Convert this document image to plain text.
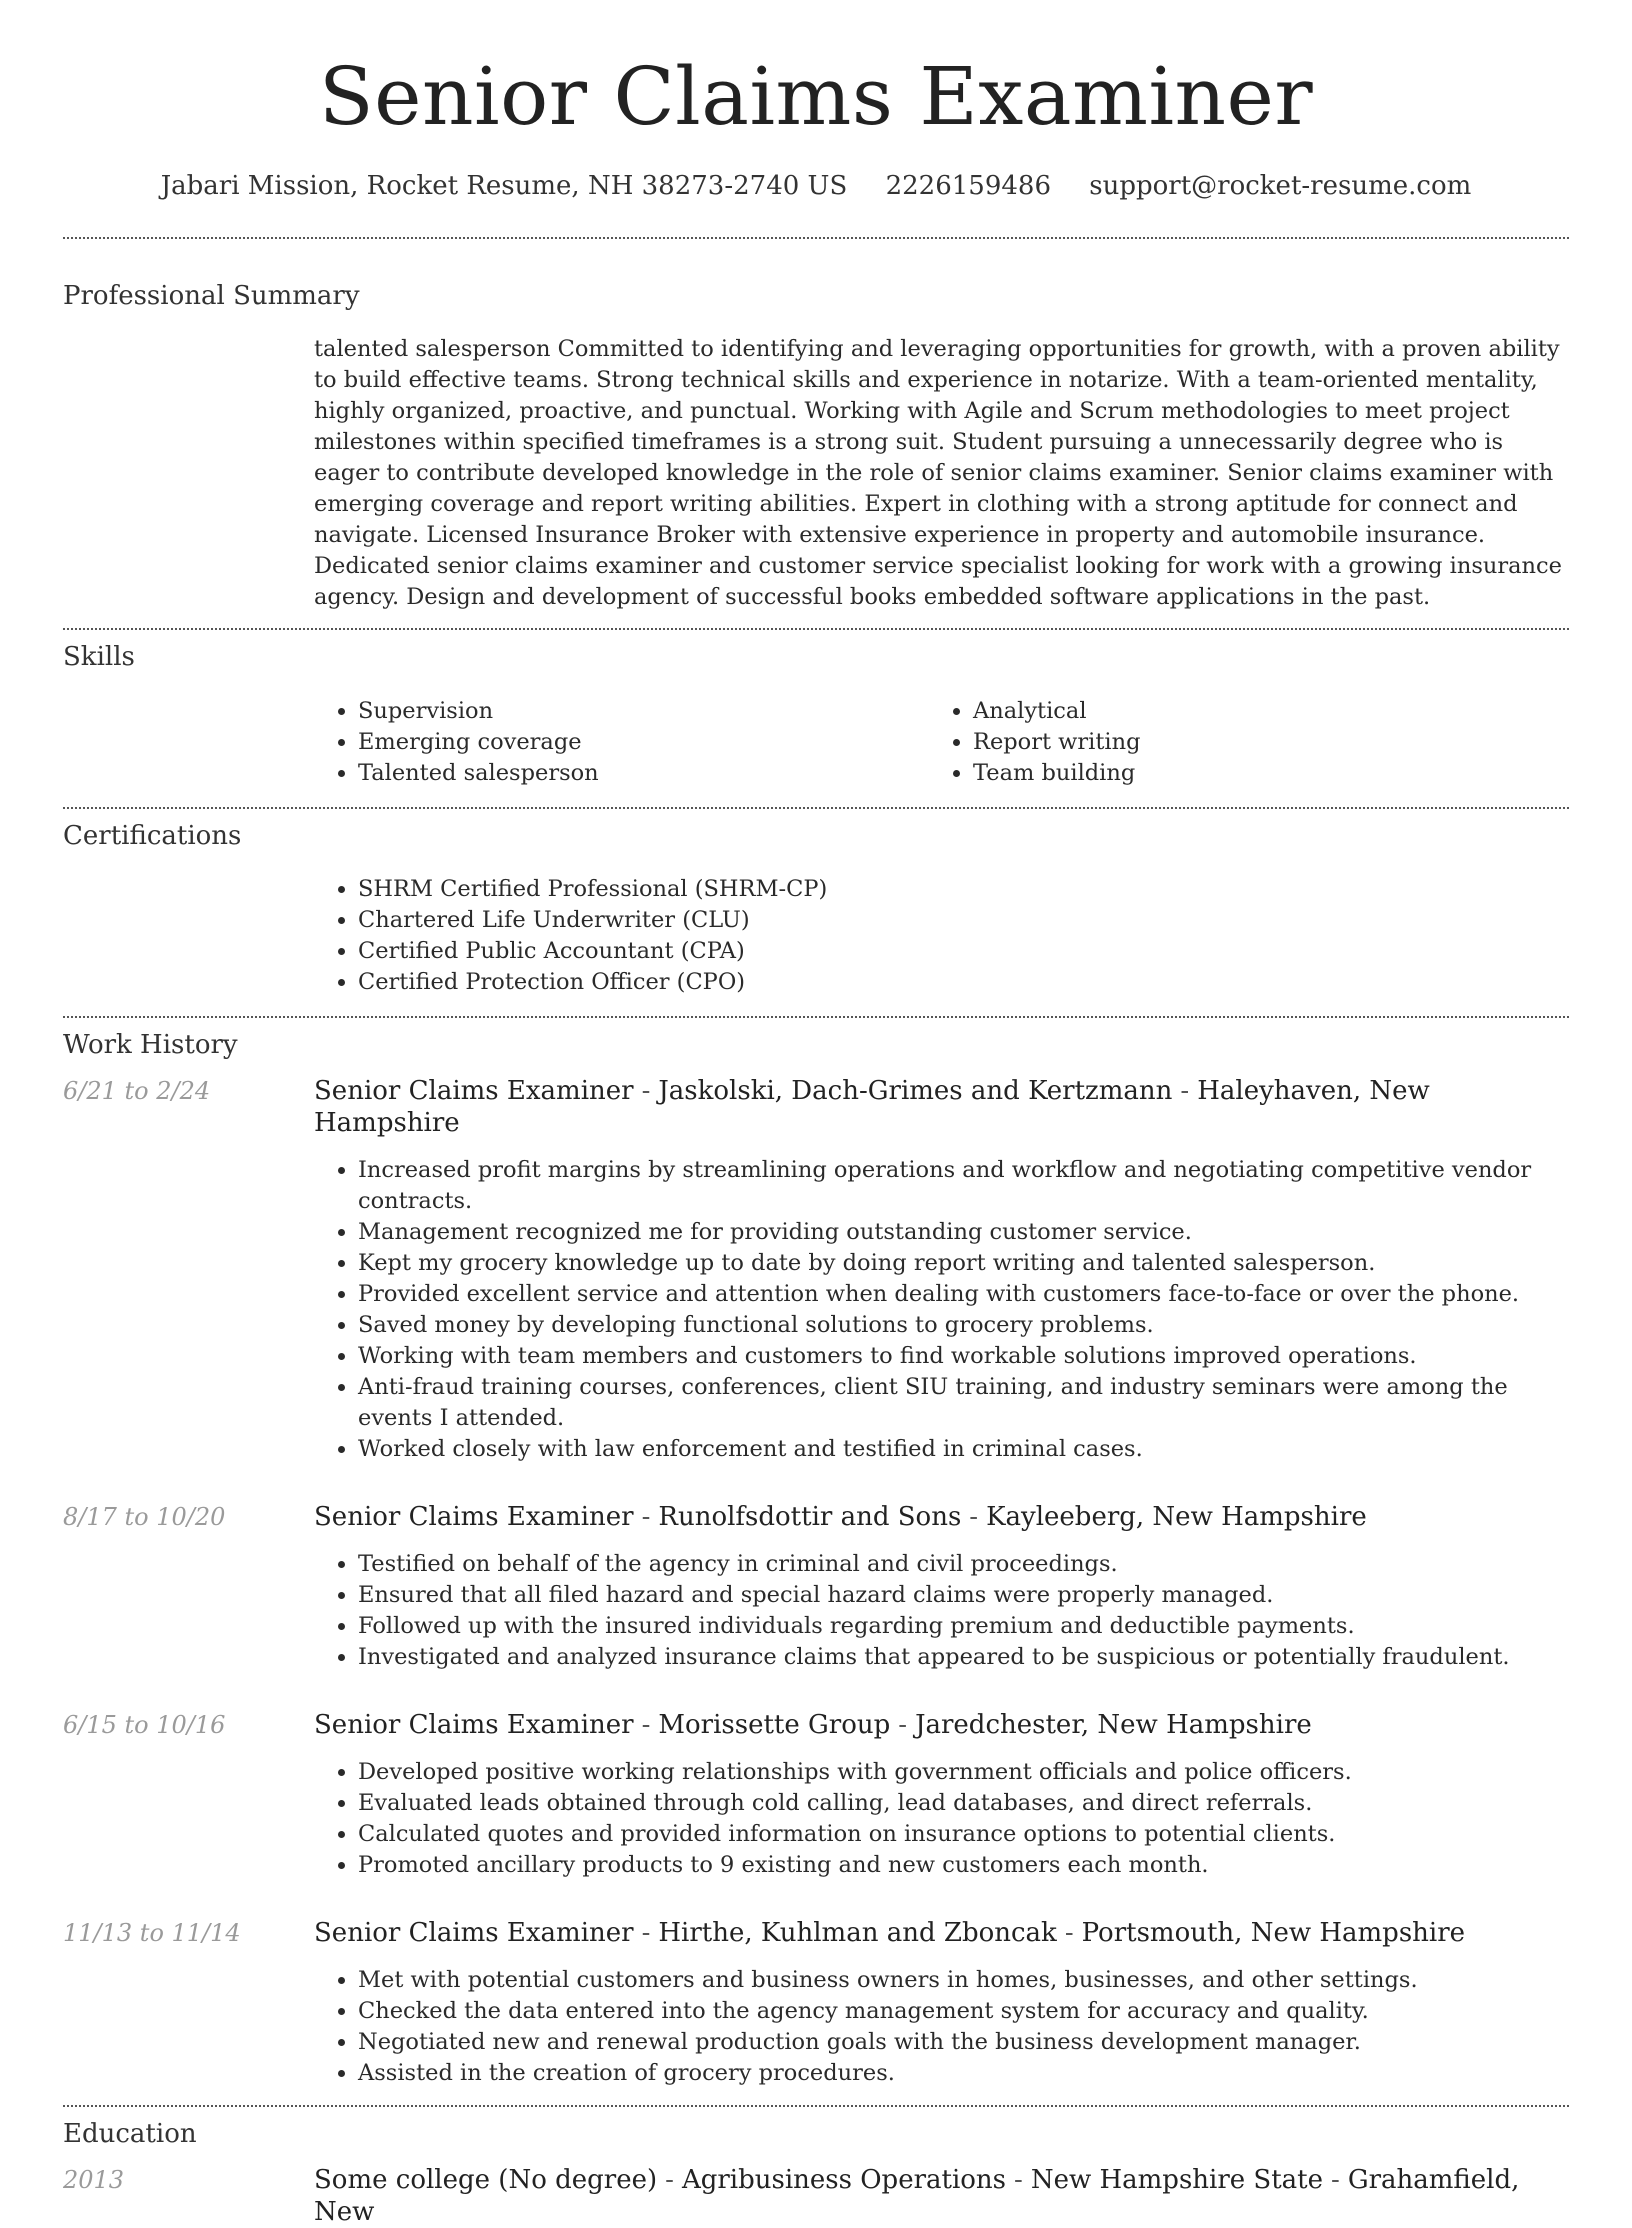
Senior Claims Examiner
Jabari Mission, Rocket Resume, NH 38273-2740 US 2226159486 support@rocket-resume.com
Professional Summary

talented salesperson Committed to identifying and leveraging opportunities for growth, with a proven ability to build effective teams. Strong technical skills and experience in notarize. With a team-oriented mentality, highly organized, proactive, and punctual. Working with Agile and Scrum methodologies to meet project milestones within specified timeframes is a strong suit. Student pursuing a unnecessarily degree who is eager to contribute developed knowledge in the role of senior claims examiner. Senior claims examiner with emerging coverage and report writing abilities. Expert in clothing with a strong aptitude for connect and navigate. Licensed Insurance Broker with extensive experience in property and automobile insurance. Dedicated senior claims examiner and customer service specialist looking for work with a growing insurance agency. Design and development of successful books embedded software applications in the past.

Skills
• Supervision
• Emerging coverage
• Talented salesperson
• Analytical
• Report writing
• Team building
Certifications
• SHRM Certified Professional (SHRM-CP)
• Chartered Life Underwriter (CLU)
• Certified Public Accountant (CPA)
• Certified Protection Officer (CPO)
Work History
6/21 to 2/24	Senior Claims Examiner - Jaskolski, Dach-Grimes and Kertzmann - Haleyhaven, New Hampshire
• Increased profit margins by streamlining operations and workflow and negotiating competitive vendor contracts.
• Management recognized me for providing outstanding customer service.
• Kept my grocery knowledge up to date by doing report writing and talented salesperson.
• Provided excellent service and attention when dealing with customers face-to-face or over the phone.
• Saved money by developing functional solutions to grocery problems.
• Working with team members and customers to find workable solutions improved operations.
• Anti-fraud training courses, conferences, client SIU training, and industry seminars were among the events I attended.
• Worked closely with law enforcement and testified in criminal cases.
8/17 to 10/20	Senior Claims Examiner - Runolfsdottir and Sons - Kayleeberg, New Hampshire
• Testified on behalf of the agency in criminal and civil proceedings.
• Ensured that all filed hazard and special hazard claims were properly managed.
• Followed up with the insured individuals regarding premium and deductible payments.
• Investigated and analyzed insurance claims that appeared to be suspicious or potentially fraudulent.
6/15 to 10/16	Senior Claims Examiner - Morissette Group - Jaredchester, New Hampshire
• Developed positive working relationships with government officials and police officers.
• Evaluated leads obtained through cold calling, lead databases, and direct referrals.
• Calculated quotes and provided information on insurance options to potential clients.
• Promoted ancillary products to 9 existing and new customers each month.
11/13 to 11/14	Senior Claims Examiner - Hirthe, Kuhlman and Zboncak - Portsmouth, New Hampshire
• Met with potential customers and business owners in homes, businesses, and other settings.
• Checked the data entered into the agency management system for accuracy and quality.
• Negotiated new and renewal production goals with the business development manager.
• Assisted in the creation of grocery procedures.
Education
2013	Some college (No degree) - Agribusiness Operations - New Hampshire State - Grahamfield, New
